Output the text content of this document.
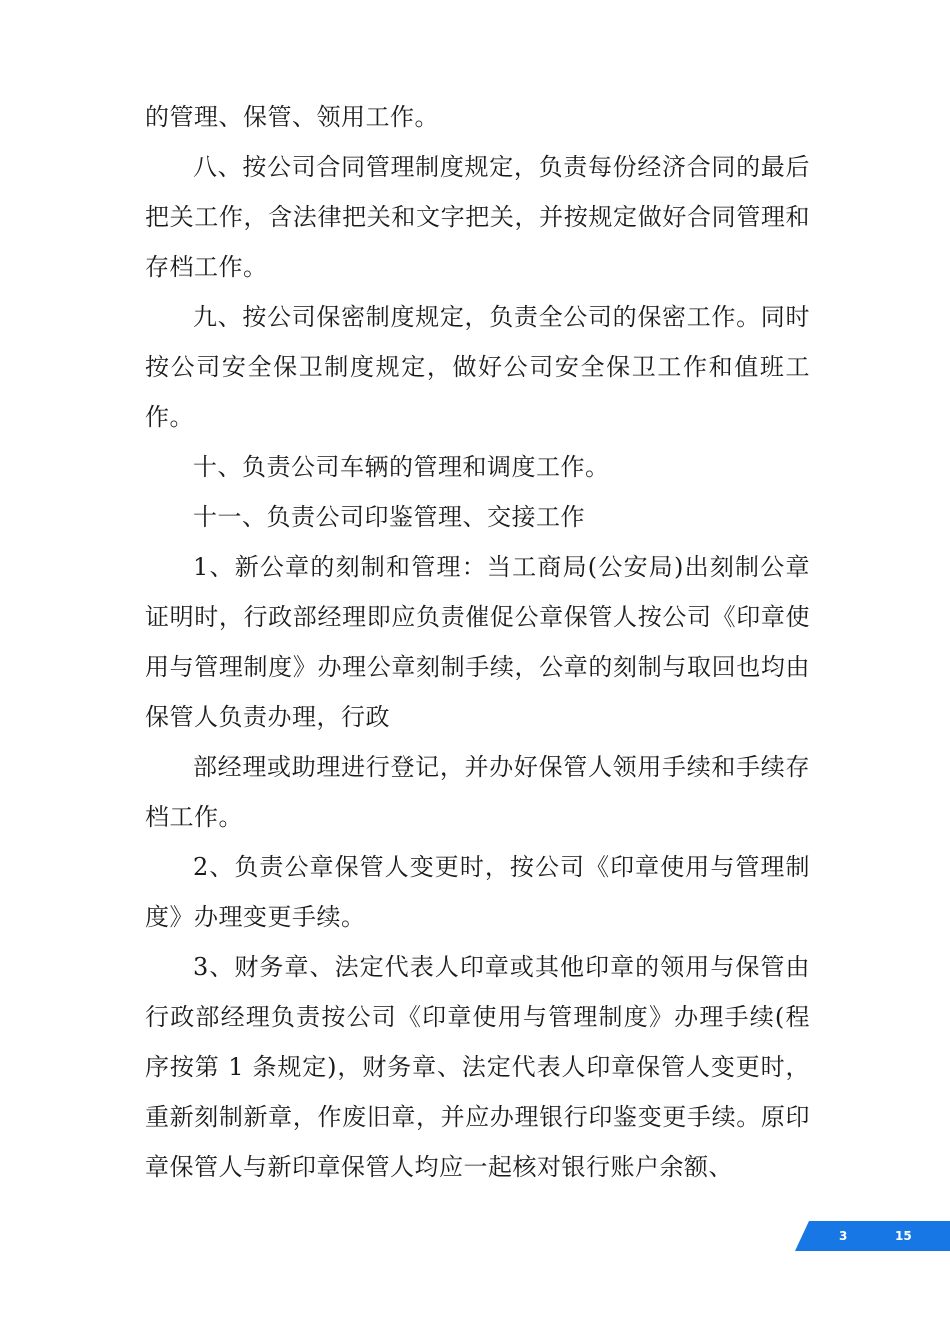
的管理、保管、领用工作。

八、按公司合同管理制度规定，负责每份经济合同的最后把关工作，含法律把关和文字把关，并按规定做好合同管理和存档工作。

九、按公司保密制度规定，负责全公司的保密工作。同时按公司安全保卫制度规定，做好公司安全保卫工作和值班工作。

十、负责公司车辆的管理和调度工作。

十一、负责公司印鉴管理、交接工作

1、新公章的刻制和管理：当工商局(公安局)出刻制公章证明时，行政部经理即应负责催促公章保管人按公司《印章使用与管理制度》办理公章刻制手续，公章的刻制与取回也均由保管人负责办理，行政

部经理或助理进行登记，并办好保管人领用手续和手续存档工作。

2、负责公章保管人变更时，按公司《印章使用与管理制度》办理变更手续。

3、财务章、法定代表人印章或其他印章的领用与保管由行政部经理负责按公司《印章使用与管理制度》办理手续(程序按第 1 条规定)，财务章、法定代表人印章保管人变更时，重新刻制新章，作废旧章，并应办理银行印鉴变更手续。原印章保管人与新印章保管人均应一起核对银行账户余额、

3	15
